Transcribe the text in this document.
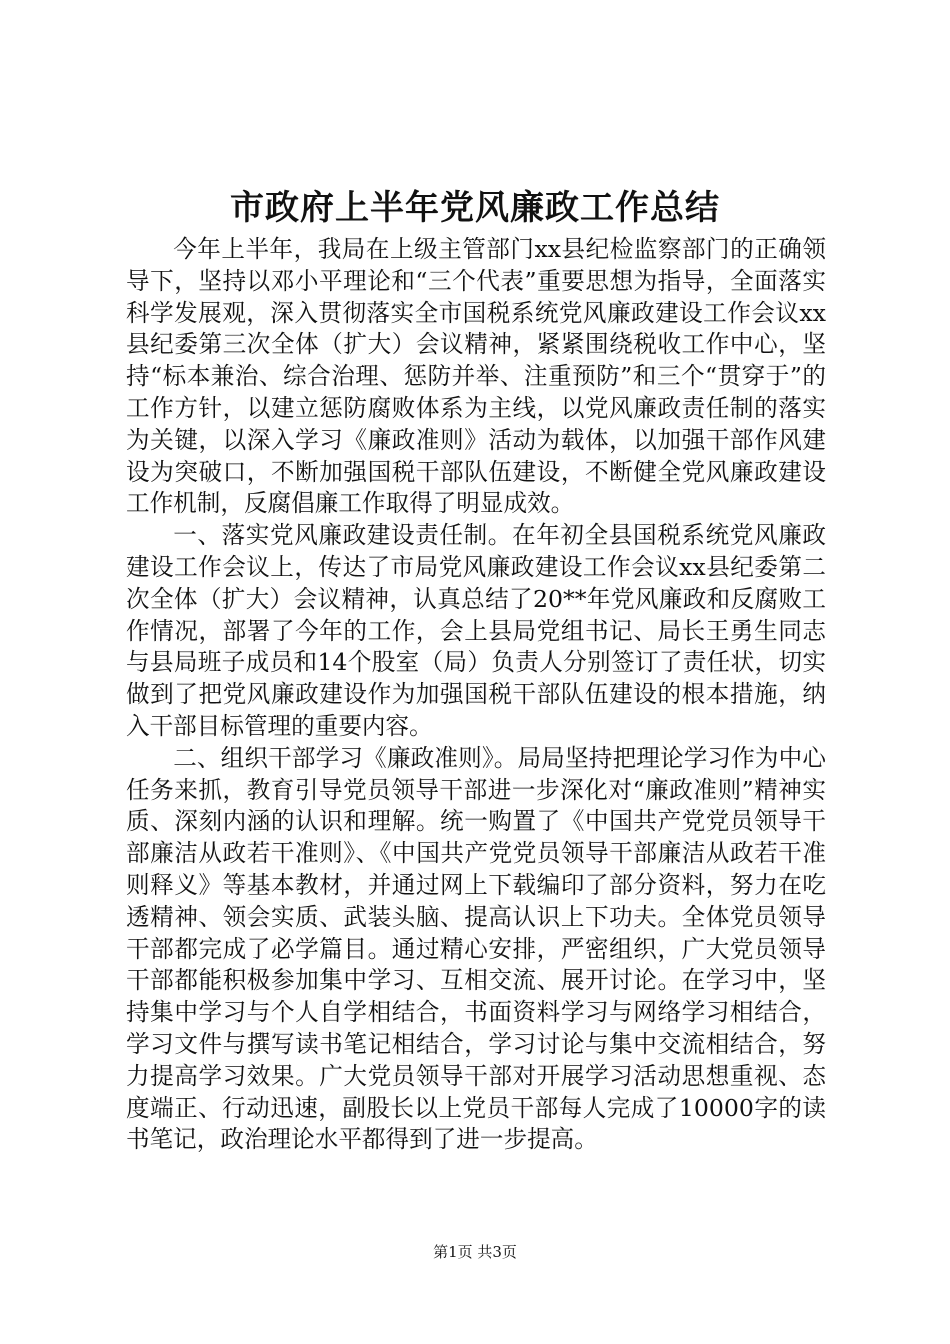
市政府上半年党风廉政工作总结

今年上半年，我局在上级主管部门xx县纪检监察部门的正确领导下，坚持以邓小平理论和“三个代表”重要思想为指导，全面落实科学发展观，深入贯彻落实全市国税系统党风廉政建设工作会议xx县纪委第三次全体（扩大）会议精神，紧紧围绕税收工作中心，坚持“标本兼治、综合治理、惩防并举、注重预防”和三个“贯穿于”的工作方针，以建立惩防腐败体系为主线，以党风廉政责任制的落实为关键，以深入学习《廉政准则》活动为载体，以加强干部作风建设为突破口，不断加强国税干部队伍建设，不断健全党风廉政建设工作机制，反腐倡廉工作取得了明显成效。

一、落实党风廉政建设责任制。在年初全县国税系统党风廉政建设工作会议上，传达了市局党风廉政建设工作会议xx县纪委第二次全体（扩大）会议精神，认真总结了20**年党风廉政和反腐败工作情况，部署了今年的工作，会上县局党组书记、局长王勇生同志与县局班子成员和14个股室（局）负责人分别签订了责任状，切实做到了把党风廉政建设作为加强国税干部队伍建设的根本措施，纳入干部目标管理的重要内容。

二、组织干部学习《廉政准则》。局局坚持把理论学习作为中心任务来抓，教育引导党员领导干部进一步深化对“廉政准则”精神实质、深刻内涵的认识和理解。统一购置了《中国共产党党员领导干部廉洁从政若干准则》、《中国共产党党员领导干部廉洁从政若干准则释义》等基本教材，并通过网上下载编印了部分资料，努力在吃透精神、领会实质、武装头脑、提高认识上下功夫。全体党员领导干部都完成了必学篇目。通过精心安排，严密组织，广大党员领导干部都能积极参加集中学习、互相交流、展开讨论。在学习中，坚持集中学习与个人自学相结合，书面资料学习与网络学习相结合，学习文件与撰写读书笔记相结合，学习讨论与集中交流相结合，努力提高学习效果。广大党员领导干部对开展学习活动思想重视、态度端正、行动迅速，副股长以上党员干部每人完成了10000字的读书笔记，政治理论水平都得到了进一步提高。

第1页 共3页
